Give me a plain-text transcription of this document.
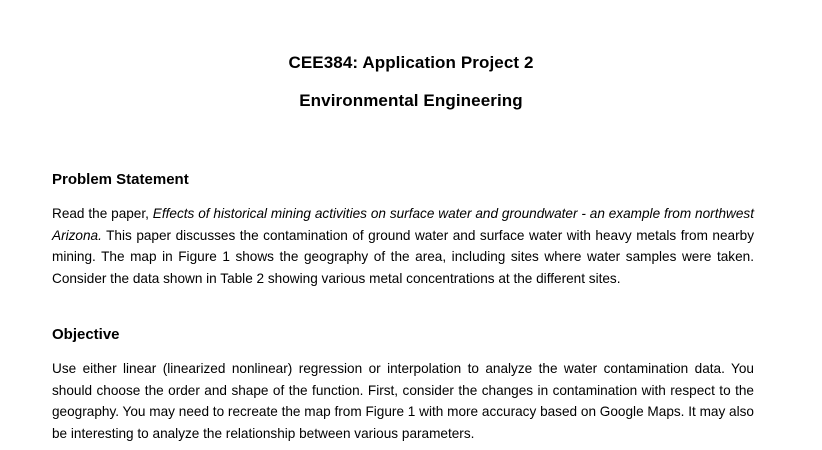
CEE384: Application Project 2
Environmental Engineering
Problem Statement
Read the paper, Effects of historical mining activities on surface water and groundwater - an example from northwest Arizona. This paper discusses the contamination of ground water and surface water with heavy metals from nearby mining. The map in Figure 1 shows the geography of the area, including sites where water samples were taken. Consider the data shown in Table 2 showing various metal concentrations at the different sites.
Objective
Use either linear (linearized nonlinear) regression or interpolation to analyze the water contamination data. You should choose the order and shape of the function. First, consider the changes in contamination with respect to the geography. You may need to recreate the map from Figure 1 with more accuracy based on Google Maps. It may also be interesting to analyze the relationship between various parameters.
